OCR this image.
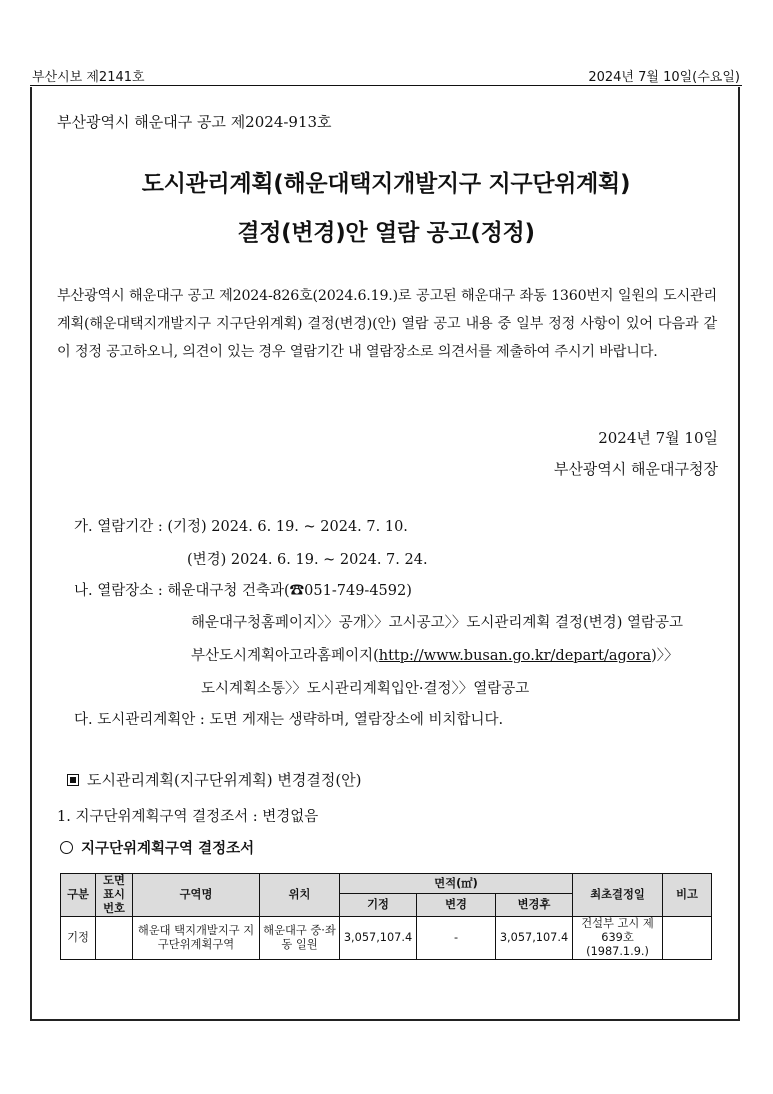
부산시보 제2141호	2024년 7월 10일(수요일)
부산광역시 해운대구 공고 제2024-913호
도시관리계획(해운대택지개발지구 지구단위계획)
결정(변경)안 열람 공고(정정)
부산광역시 해운대구 공고 제2024-826호(2024.6.19.)로 공고된 해운대구 좌동 1360번지 일원의 도시관리계획(해운대택지개발지구 지구단위계획) 결정(변경)(안) 열람 공고 내용 중 일부 정정 사항이 있어 다음과 같이 정정 공고하오니, 의견이 있는 경우 열람기간 내 열람장소로 의견서를 제출하여 주시기 바랍니다.
2024년 7월 10일
부산광역시 해운대구청장
가. 열람기간 : (기정) 2024. 6. 19. ~ 2024. 7. 10.
(변경) 2024. 6. 19. ~ 2024. 7. 24.
나. 열람장소 : 해운대구청 건축과(☎051-749-4592)
해운대구청홈페이지〉〉공개〉〉고시공고〉〉도시관리계획 결정(변경) 열람공고
부산도시계획아고라홈페이지(http://www.busan.go.kr/depart/agora)〉〉
도시계획소통〉〉도시관리계획입안·결정〉〉열람공고
다. 도시관리계획안 : 도면 게재는 생략하며, 열람장소에 비치합니다.
도시관리계획(지구단위계획) 변경결정(안)
1. 지구단위계획구역 결정조서 : 변경없음
지구단위계획구역 결정조서
구분	도면표시번호	구역명	위치	면적(㎡)			최초결정일	비고
				기정	변경	변경후		
기정		해운대 택지개발지구 지구단위계획구역	해운대구 중·좌동 일원	3,057,107.4	-	3,057,107.4	건설부 고시 제639호 (1987.1.9.)	
